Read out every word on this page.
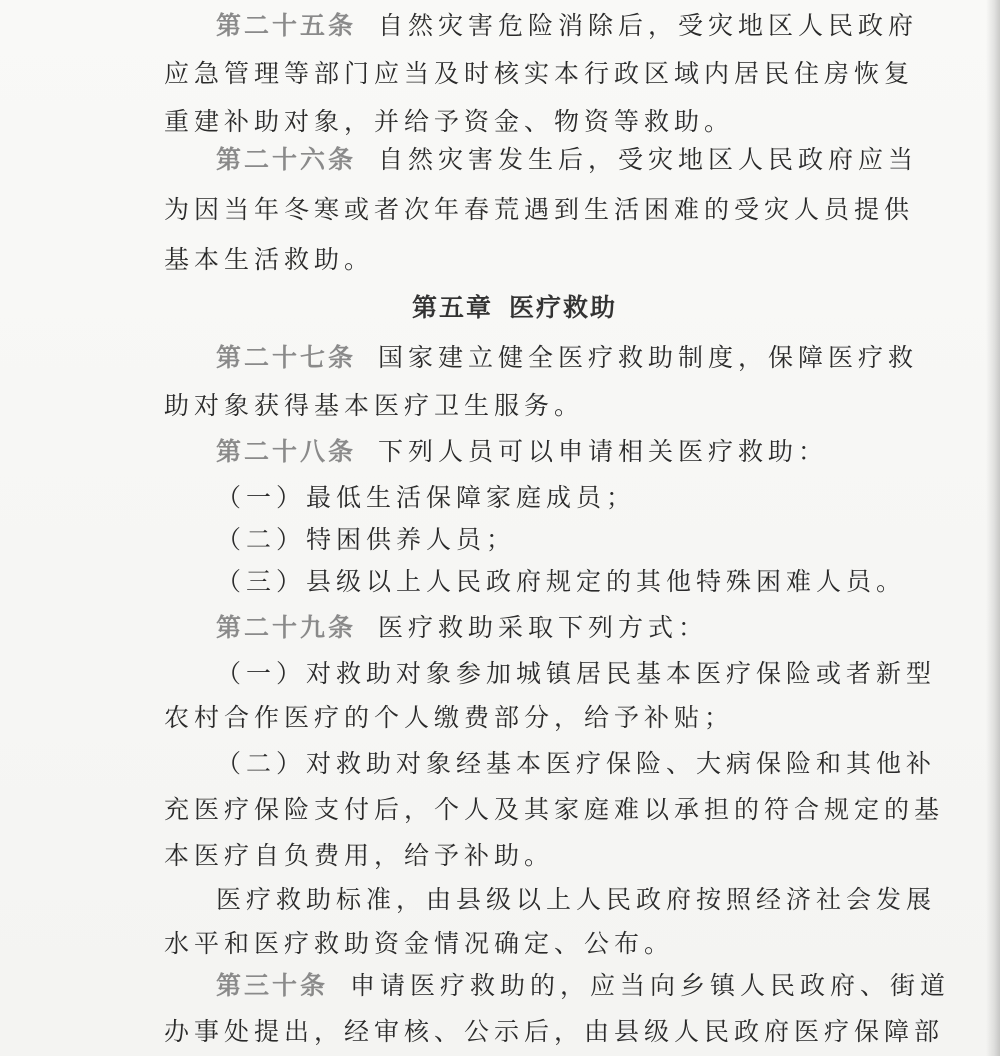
第二十五条 自然灾害危险消除后，受灾地区人民政府
应急管理等部门应当及时核实本行政区域内居民住房恢复
重建补助对象，并给予资金、物资等救助。
第二十六条 自然灾害发生后，受灾地区人民政府应当
为因当年冬寒或者次年春荒遇到生活困难的受灾人员提供
基本生活救助。
第五章 医疗救助
第二十七条 国家建立健全医疗救助制度，保障医疗救
助对象获得基本医疗卫生服务。
第二十八条 下列人员可以申请相关医疗救助：
（一）最低生活保障家庭成员；
（二）特困供养人员；
（三）县级以上人民政府规定的其他特殊困难人员。
第二十九条 医疗救助采取下列方式：
（一）对救助对象参加城镇居民基本医疗保险或者新型
农村合作医疗的个人缴费部分，给予补贴；
（二）对救助对象经基本医疗保险、大病保险和其他补
充医疗保险支付后，个人及其家庭难以承担的符合规定的基
本医疗自负费用，给予补助。
医疗救助标准，由县级以上人民政府按照经济社会发展
水平和医疗救助资金情况确定、公布。
第三十条 申请医疗救助的，应当向乡镇人民政府、街道
办事处提出，经审核、公示后，由县级人民政府医疗保障部
